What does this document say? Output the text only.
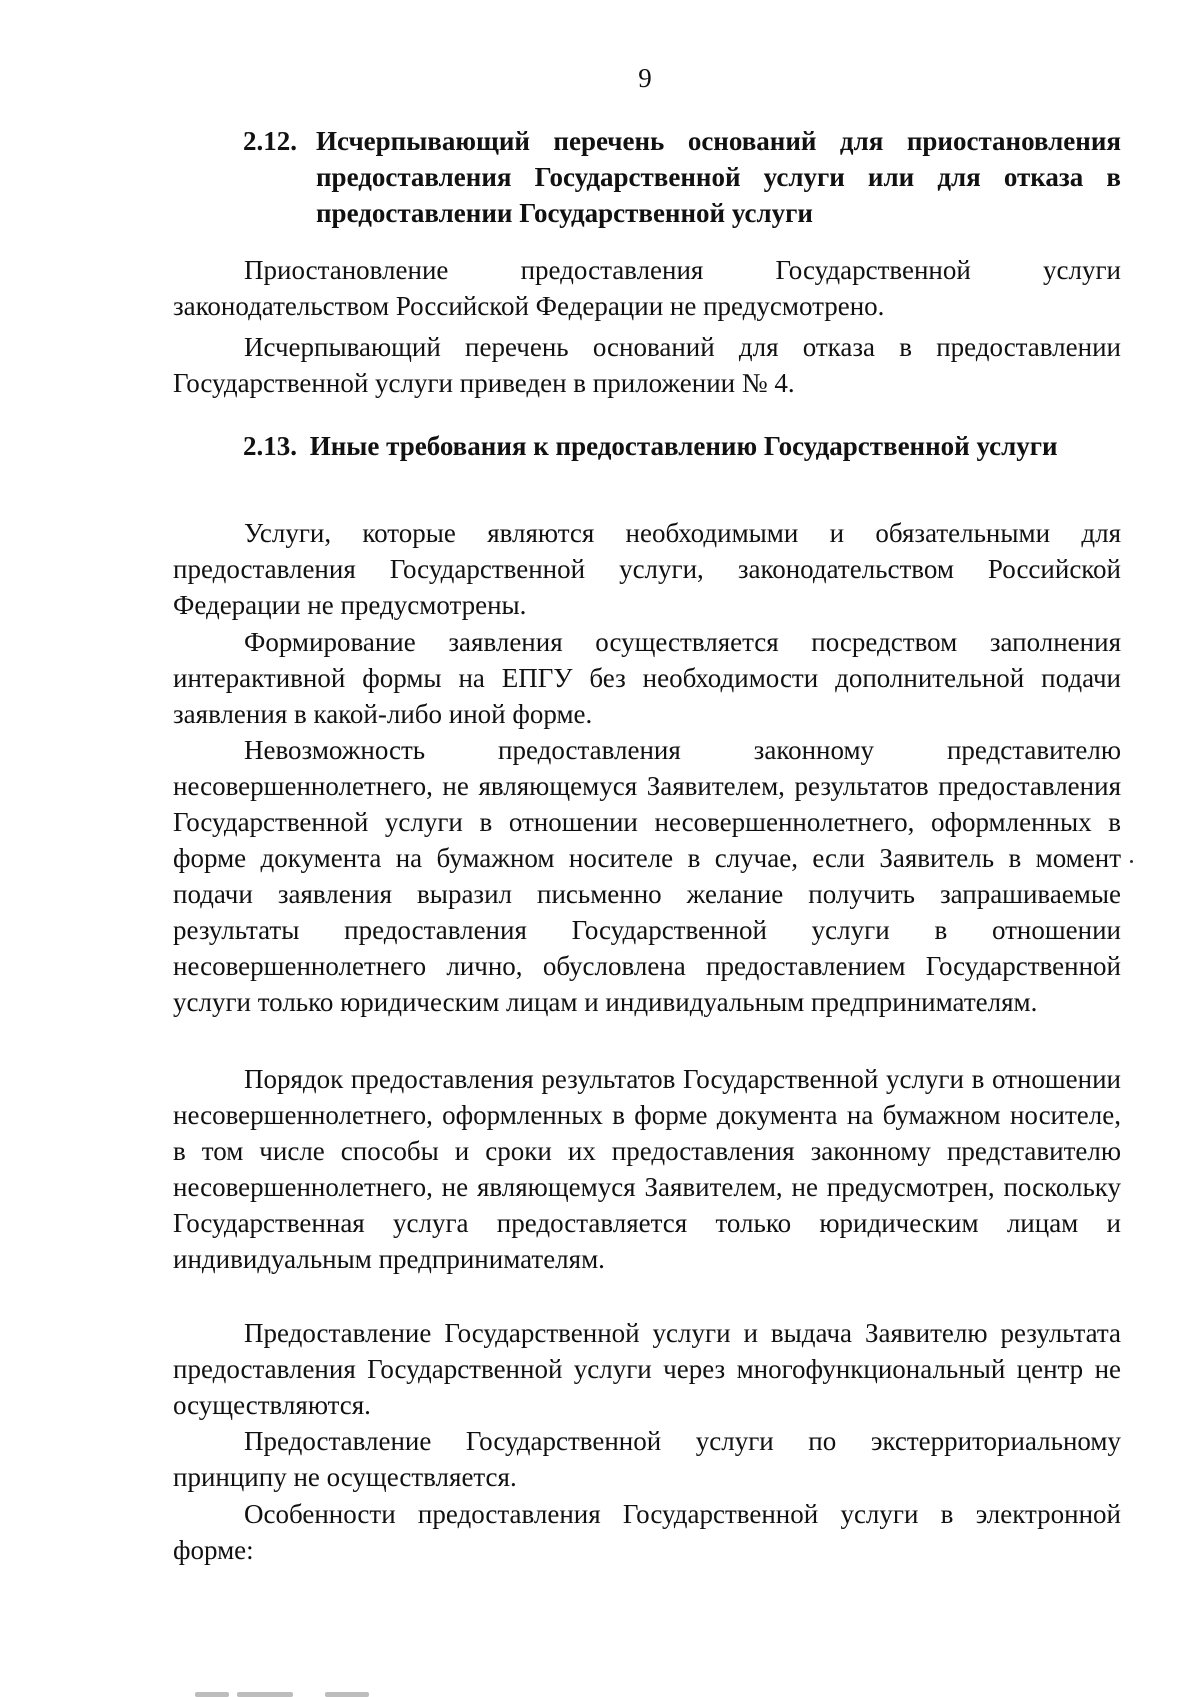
9
2.12. Исчерпывающий перечень оснований для приостановления предоставления Государственной услуги или для отказа в предоставлении Государственной услуги

Приостановление предоставления Государственной услуги законодательством Российской Федерации не предусмотрено.

Исчерпывающий перечень оснований для отказа в предоставлении Государственной услуги приведен в приложении № 4.

2.13. Иные требования к предоставлению Государственной услуги

Услуги, которые являются необходимыми и обязательными для предоставления Государственной услуги, законодательством Российской Федерации не предусмотрены.

Формирование заявления осуществляется посредством заполнения интерактивной формы на ЕПГУ без необходимости дополнительной подачи заявления в какой-либо иной форме.

Невозможность предоставления законному представителю несовершеннолетнего, не являющемуся Заявителем, результатов предоставления Государственной услуги в отношении несовершеннолетнего, оформленных в форме документа на бумажном носителе в случае, если Заявитель в момент подачи заявления выразил письменно желание получить запрашиваемые результаты предоставления Государственной услуги в отношении несовершеннолетнего лично, обусловлена предоставлением Государственной услуги только юридическим лицам и индивидуальным предпринимателям.

Порядок предоставления результатов Государственной услуги в отношении несовершеннолетнего, оформленных в форме документа на бумажном носителе, в том числе способы и сроки их предоставления законному представителю несовершеннолетнего, не являющемуся Заявителем, не предусмотрен, поскольку Государственная услуга предоставляется только юридическим лицам и индивидуальным предпринимателям.

Предоставление Государственной услуги и выдача Заявителю результата предоставления Государственной услуги через многофункциональный центр не осуществляются.

Предоставление Государственной услуги по экстерриториальному принципу не осуществляется.

Особенности предоставления Государственной услуги в электронной форме:
